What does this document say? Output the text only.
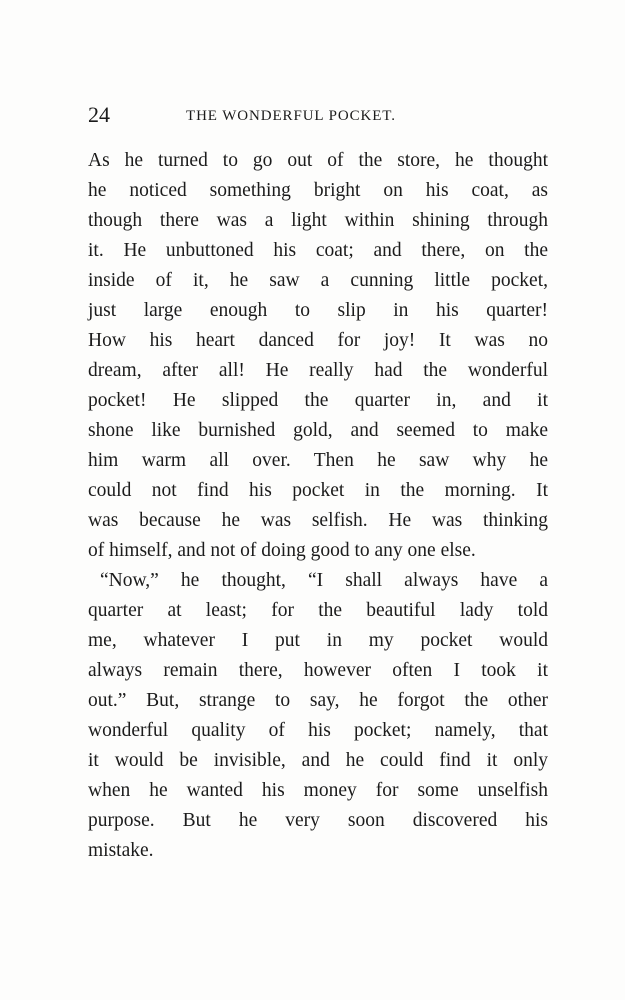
24	THE WONDERFUL POCKET.
As he turned to go out of the store, he thought
he noticed something bright on his coat, as
though there was a light within shining through
it. He unbuttoned his coat; and there, on the
inside of it, he saw a cunning little pocket,
just large enough to slip in his quarter!
How his heart danced for joy! It was no
dream, after all! He really had the wonderful
pocket! He slipped the quarter in, and it
shone like burnished gold, and seemed to make
him warm all over. Then he saw why he
could not find his pocket in the morning. It
was because he was selfish. He was thinking
of himself, and not of doing good to any one else.
“Now,” he thought, “I shall always have a
quarter at least; for the beautiful lady told
me, whatever I put in my pocket would
always remain there, however often I took it
out.” But, strange to say, he forgot the other
wonderful quality of his pocket; namely, that
it would be invisible, and he could find it only
when he wanted his money for some unselfish
purpose. But he very soon discovered his
mistake.
